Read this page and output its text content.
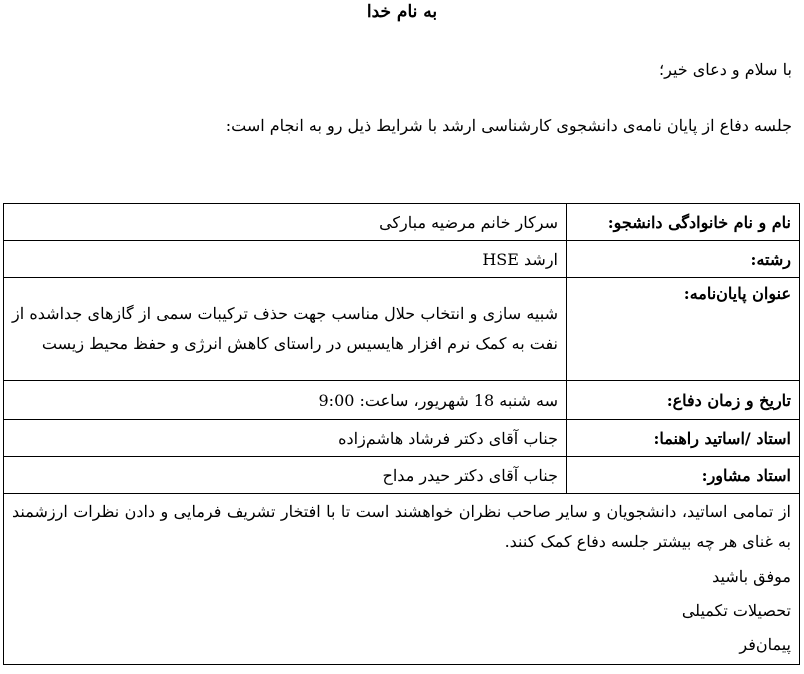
به نام خدا
با سلام و دعای خیر؛
جلسه دفاع از پایان نامه‌ی دانشجوی کارشناسی ارشد با شرایط ذیل رو به انجام است:
نام و نام خانوادگی دانشجو:	سرکار خانم مرضیه مبارکی
رشته:	ارشد HSE
عنوان پایان‌نامه:	شبیه سازی و انتخاب حلال مناسب جهت حذف ترکیبات سمی از گازهای جداشده از نفت به کمک نرم افزار هایسیس در راستای کاهش انرژی و حفظ محیط زیست
تاریخ و زمان دفاع:	سه شنبه 18 شهریور، ساعت: 9:00
استاد /اساتید راهنما:	جناب آقای دکتر فرشاد هاشم‌زاده
استاد مشاور:	جناب آقای دکتر حیدر مداح

از تمامی اساتید، دانشجویان و سایر صاحب نظران خواهشند است تا با افتخار تشریف فرمایی و دادن نظرات ارزشمند به غنای هر چه بیشتر جلسه دفاع کمک کنند.
موفق باشید
تحصیلات تکمیلی
پیمان‌فر	
